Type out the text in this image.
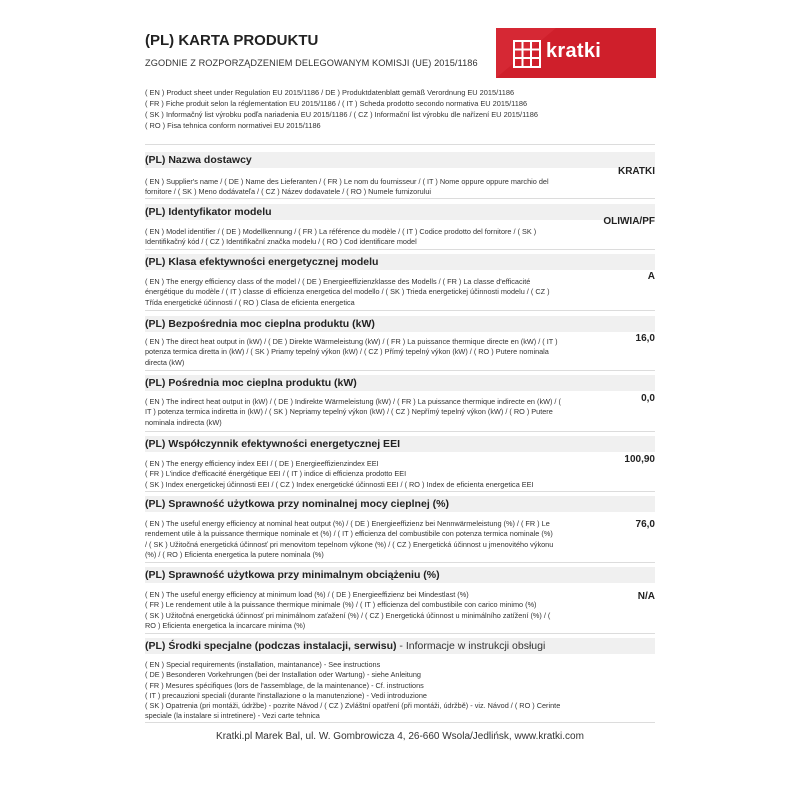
(PL) KARTA PRODUKTU

ZGODNIE Z ROZPORZĄDZENIEM DELEGOWANYM KOMISJI (UE) 2015/1186

kratki
( EN ) Product sheet under Regulation EU 2015/1186 / DE ) Produktdatenblatt gemäß Verordnung EU 2015/1186
( FR ) Fiche produit selon la réglementation EU 2015/1186 / ( IT ) Scheda prodotto secondo normativa EU 2015/1186
( SK ) Informačný list výrobku podľa nariadenia EU 2015/1186 / ( CZ ) Informační list výrobku dle nařízení EU 2015/1186
( RO ) Fisa tehnica conform normativei EU 2015/1186
(PL) Nazwa dostawcy
KRATKI
( EN ) Supplier's name / ( DE ) Name des Lieferanten / ( FR ) Le nom du fournisseur / ( IT ) Nome oppure oppure marchio del
fornitore / ( SK ) Meno dodávateľa / ( CZ ) Název dodavatele / ( RO ) Numele furnizorului
(PL) Identyfikator modelu
OLIWIA/PF
( EN ) Model identifier / ( DE ) Modellkennung / ( FR ) La référence du modèle / ( IT ) Codice prodotto del fornitore / ( SK )
Identifikačný kód / ( CZ ) Identifikační značka modelu / ( RO ) Cod identificare model
(PL) Klasa efektywności energetycznej modelu
A
( EN ) The energy efficiency class of the model / ( DE ) Energieeffizienzklasse des Modells / ( FR ) La classe d'efficacité
énergétique du modèle / ( IT ) classe di efficienza energetica del modello / ( SK ) Trieda energetickej účinnosti modelu / ( CZ )
Třída energetické účinnosti / ( RO ) Clasa de eficienta energetica
(PL) Bezpośrednia moc cieplna produktu (kW)
16,0
( EN ) The direct heat output in (kW) / ( DE ) Direkte Wärmeleistung (kW) / ( FR ) La puissance thermique directe en (kW) / ( IT )
potenza termica diretta in (kW) / ( SK ) Priamy tepelný výkon (kW) / ( CZ ) Přímý tepelný výkon (kW) / ( RO ) Putere nominala
directa (kW)
(PL) Pośrednia moc cieplna produktu (kW)
0,0
( EN ) The indirect heat output in (kW) / ( DE ) Indirekte Wärmeleistung (kW) / ( FR ) La puissance thermique indirecte en (kW) / (
IT ) potenza termica indiretta in (kW) / ( SK ) Nepriamy tepelný výkon (kW) / ( CZ ) Nepřímý tepelný výkon (kW) / ( RO ) Putere
nominala indirecta (kW)
(PL) Współczynnik efektywności energetycznej EEI
100,90
( EN ) The energy efficiency index EEI / ( DE ) Energieeffizienzindex EEI
( FR ) L'indice d'efficacité énergétique EEI / ( IT ) indice di efficienza prodotto EEI
( SK ) Index energetickej účinnosti EEI / ( CZ ) Index energetické účinnosti EEI / ( RO ) Index de eficienta energetica EEI
(PL) Sprawność użytkowa przy nominalnej mocy cieplnej (%)
76,0
( EN ) The useful energy efficiency at nominal heat output (%) / ( DE ) Energieeffizienz bei Nennwärmeleistung (%) / ( FR ) Le
rendement utile à la puissance thermique nominale et (%) / ( IT ) efficienza del combustibile con potenza termica nominale (%)
/ ( SK ) Užitočná energetická účinnosť pri menovitom tepelnom výkone (%) / ( CZ ) Energetická účinnost u jmenovitého výkonu
(%) / ( RO ) Eficienta energetica la putere nominala (%)
(PL) Sprawność użytkowa przy minimalnym obciążeniu (%)
N/A
( EN ) The useful energy efficiency at minimum load (%) / ( DE ) Energieeffizienz bei Mindestlast (%)
( FR ) Le rendement utile à la puissance thermique minimale (%) / ( IT ) efficienza del combustibile con carico minimo (%)
( SK ) Užitočná energetická účinnosť pri minimálnom zaťažení (%) / ( CZ ) Energetická účinnost u minimálního zatížení (%) / (
RO ) Eficienta energetica la incarcare minima (%)
(PL) Środki specjalne (podczas instalacji, serwisu) - Informacje w instrukcji obsługi
( EN ) Special requirements (installation, maintanance) - See instructions
( DE ) Besonderen Vorkehrungen (bei der Installation oder Wartung) - siehe Anleitung
( FR ) Mesures spécifiques (lors de l'assemblage, de la maintenance) - Cf. instructions
( IT ) precauzioni speciali (durante l'installazione o la manutenzione) - Vedi introduzione
( SK ) Opatrenia (pri montáži, údržbe) - pozrite Návod / ( CZ ) Zvláštní opatření (při montáži, údržbě) - viz. Návod / ( RO ) Cerinte
speciale (la instalare si intretinere) - Vezi carte tehnica
Kratki.pl Marek Bal, ul. W. Gombrowicza 4, 26-660 Wsola/Jedlińsk, www.kratki.com
